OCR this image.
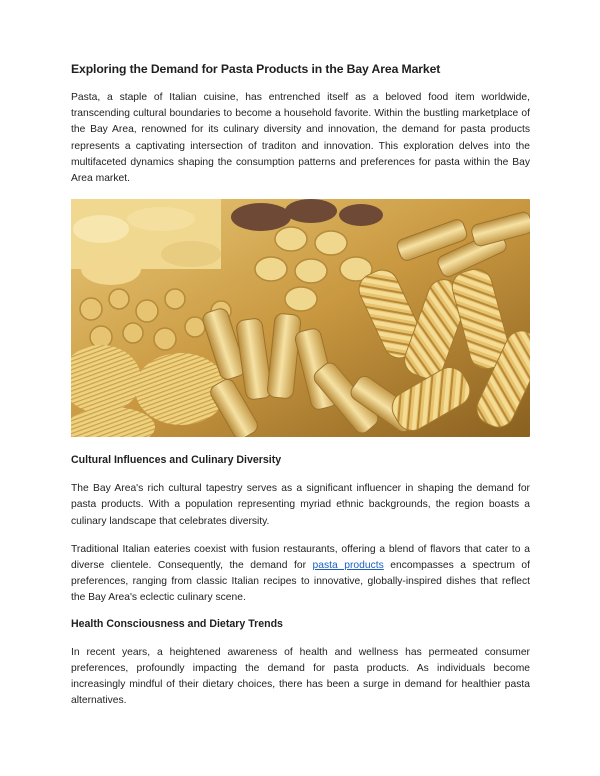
Exploring the Demand for Pasta Products in the Bay Area Market

Pasta, a staple of Italian cuisine, has entrenched itself as a beloved food item worldwide, transcending cultural boundaries to become a household favorite. Within the bustling marketplace of the Bay Area, renowned for its culinary diversity and innovation, the demand for pasta products represents a captivating intersection of traditon and innovation. This exploration delves into the multifaceted dynamics shaping the consumption patterns and preferences for pasta within the Bay Area market.

Cultural Influences and Culinary Diversity

The Bay Area's rich cultural tapestry serves as a significant influencer in shaping the demand for pasta products. With a population representing myriad ethnic backgrounds, the region boasts a culinary landscape that celebrates diversity.

Traditional Italian eateries coexist with fusion restaurants, offering a blend of flavors that cater to a diverse clientele. Consequently, the demand for pasta products encompasses a spectrum of preferences, ranging from classic Italian recipes to innovative, globally-inspired dishes that reflect the Bay Area's eclectic culinary scene.

Health Consciousness and Dietary Trends

In recent years, a heightened awareness of health and wellness has permeated consumer preferences, profoundly impacting the demand for pasta products. As individuals become increasingly mindful of their dietary choices, there has been a surge in demand for healthier pasta alternatives.
